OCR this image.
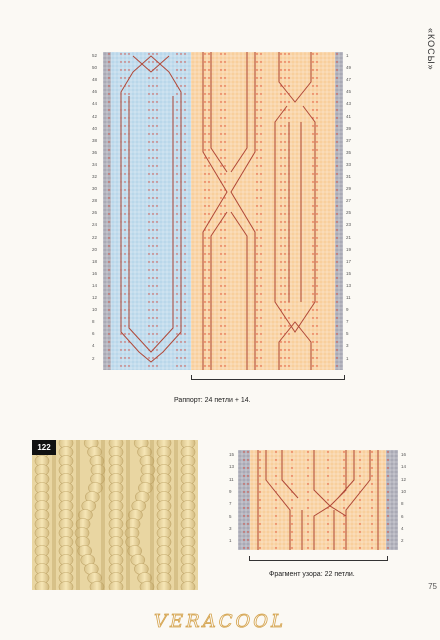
«КОСЫ»
52
50
48
46
44
42
40
38
36
34
32
30
28
26
24
22
20
18
16
14
12
10
8
6
4
2
1
49
47
45
43
41
39
37
35
33
31
29
27
25
23
21
19
17
15
13
11
9
7
5
3
1
Раппорт: 24 петли + 14.
122
15
13
11
9
7
5
3
1
16
14
12
10
8
6
4
2
Фрагмент узора: 22 петли.
75
VERACOOL
